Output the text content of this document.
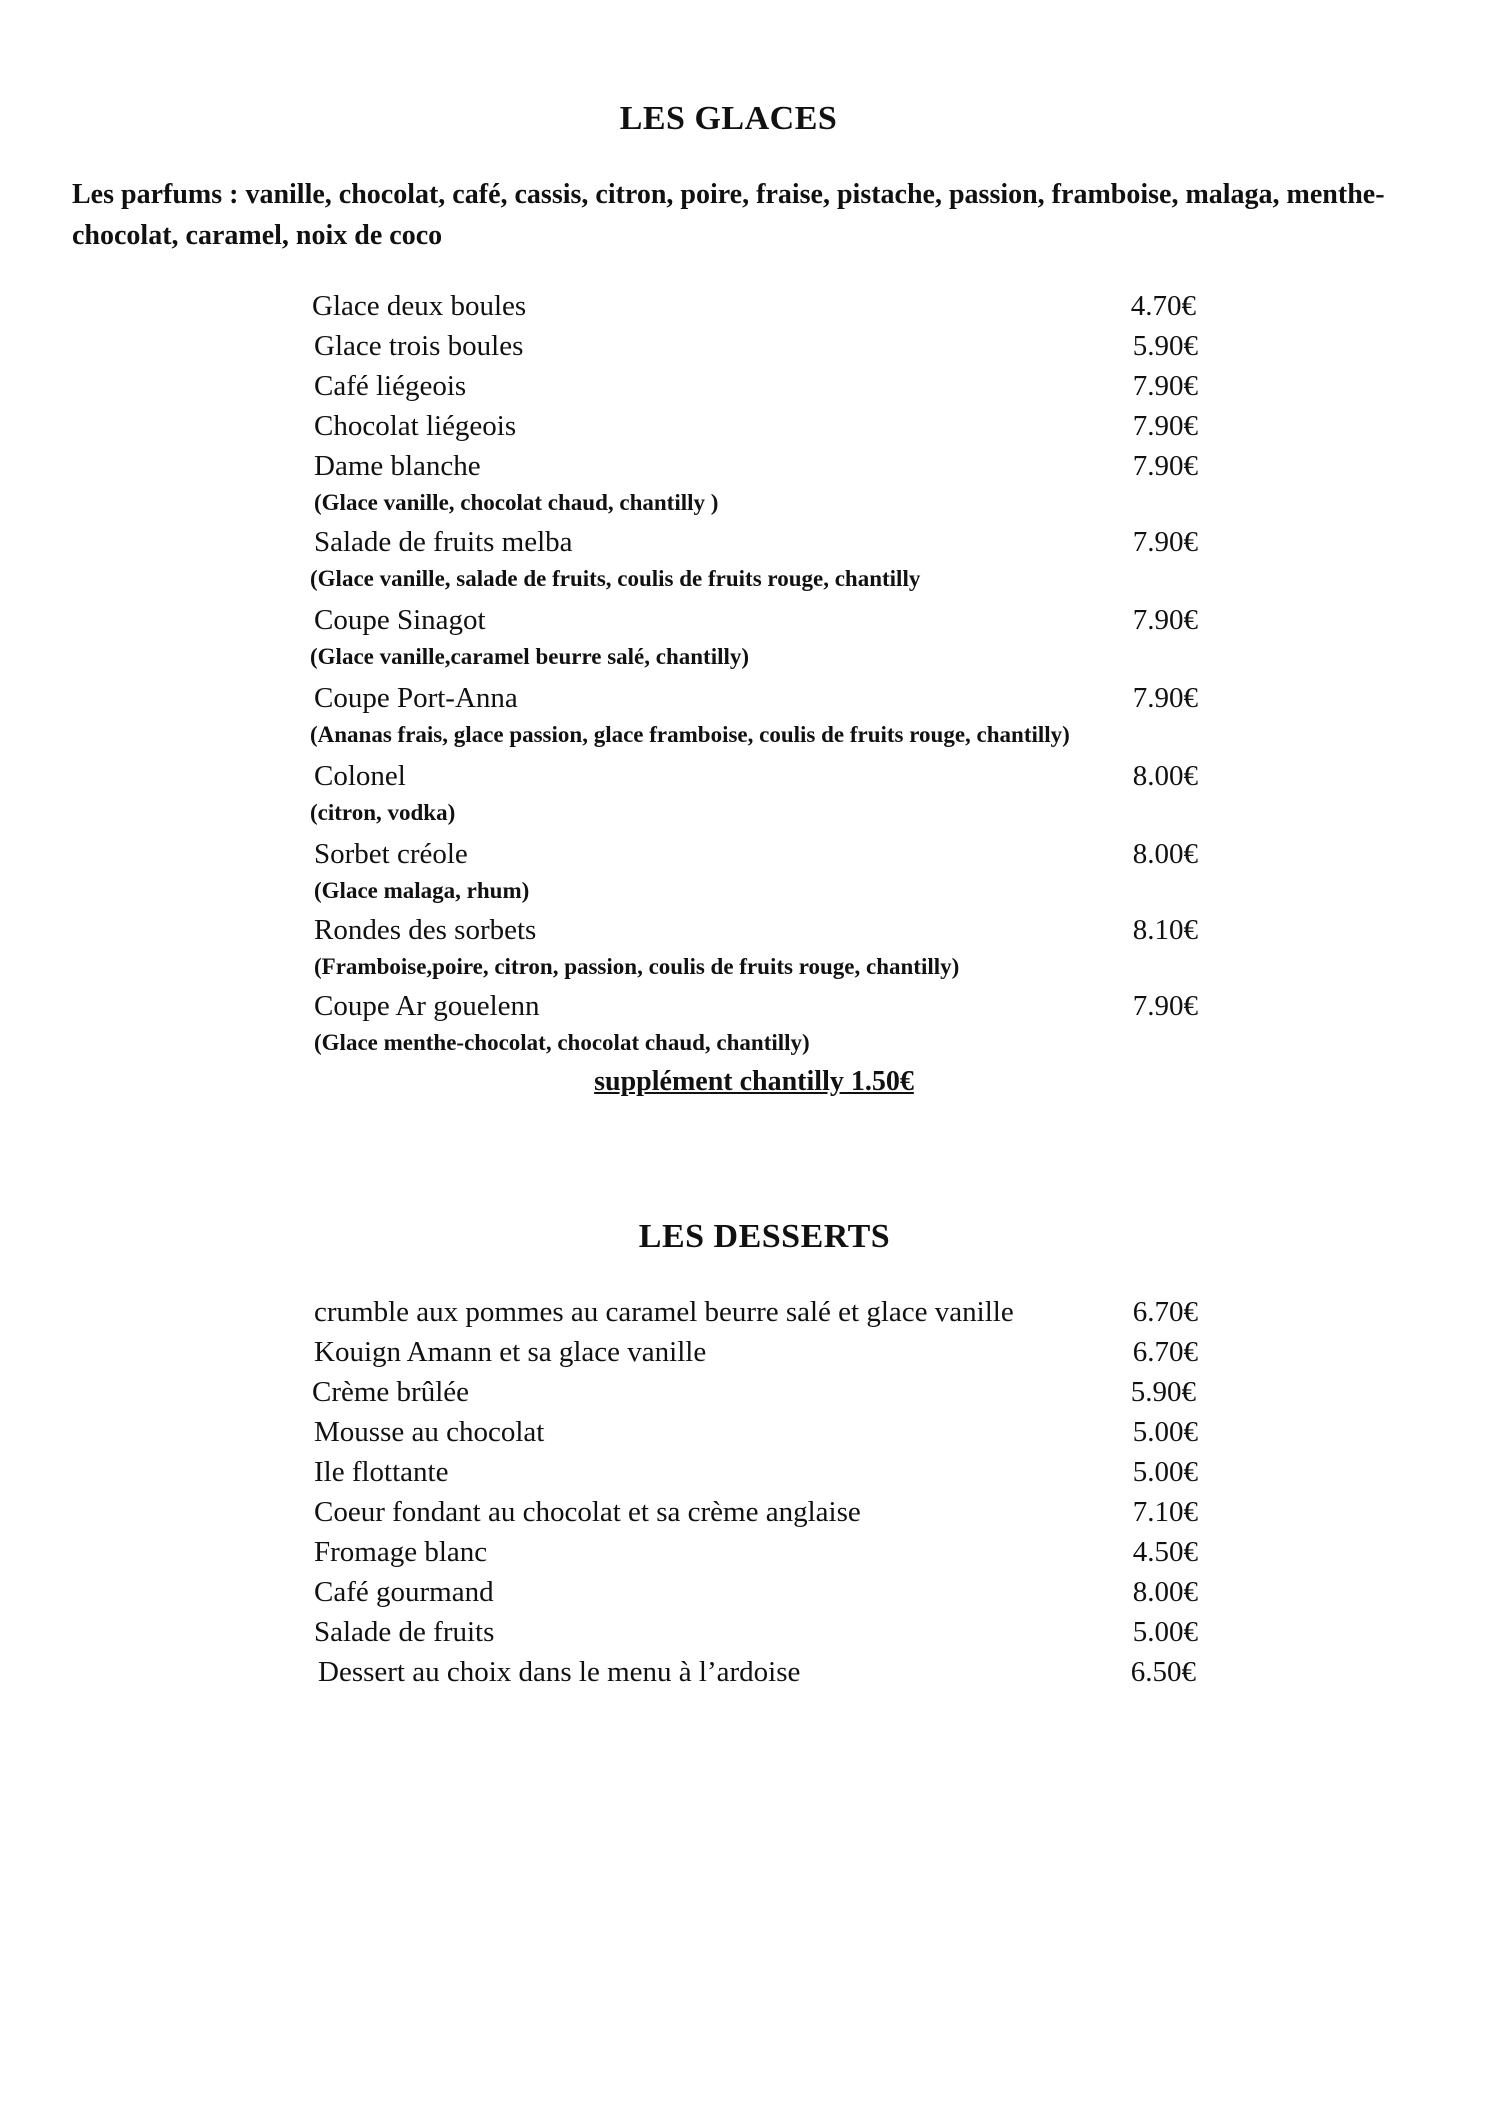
LES GLACES

Les parfums : vanille, chocolat, café, cassis, citron, poire, fraise, pistache, passion, framboise, malaga, menthe-chocolat, caramel, noix de coco

Glace deux boules	4.70€
Glace trois boules	5.90€
Café liégeois	7.90€
Chocolat liégeois	7.90€
Dame blanche	7.90€
(Glace vanille, chocolat chaud, chantilly )
Salade de fruits melba	7.90€
(Glace vanille, salade de fruits, coulis de fruits rouge, chantilly
Coupe Sinagot	7.90€
(Glace vanille,caramel beurre salé, chantilly)
Coupe Port-Anna	7.90€
(Ananas frais, glace passion, glace framboise, coulis de fruits rouge, chantilly)
Colonel	8.00€
(citron, vodka)
Sorbet créole	8.00€
(Glace malaga, rhum)
Rondes des sorbets	8.10€
(Framboise,poire, citron, passion, coulis de fruits rouge, chantilly)
Coupe Ar gouelenn	7.90€
(Glace menthe-chocolat, chocolat chaud, chantilly)
supplément chantilly 1.50€
LES DESSERTS
crumble aux pommes au caramel beurre salé et glace vanille	6.70€
Kouign Amann et sa glace vanille	6.70€
Crème brûlée	5.90€
Mousse au chocolat	5.00€
Ile flottante	5.00€
Coeur fondant au chocolat et sa crème anglaise	7.10€
Fromage blanc	4.50€
Café gourmand	8.00€
Salade de fruits	5.00€
Dessert au choix dans le menu à l’ardoise	6.50€
